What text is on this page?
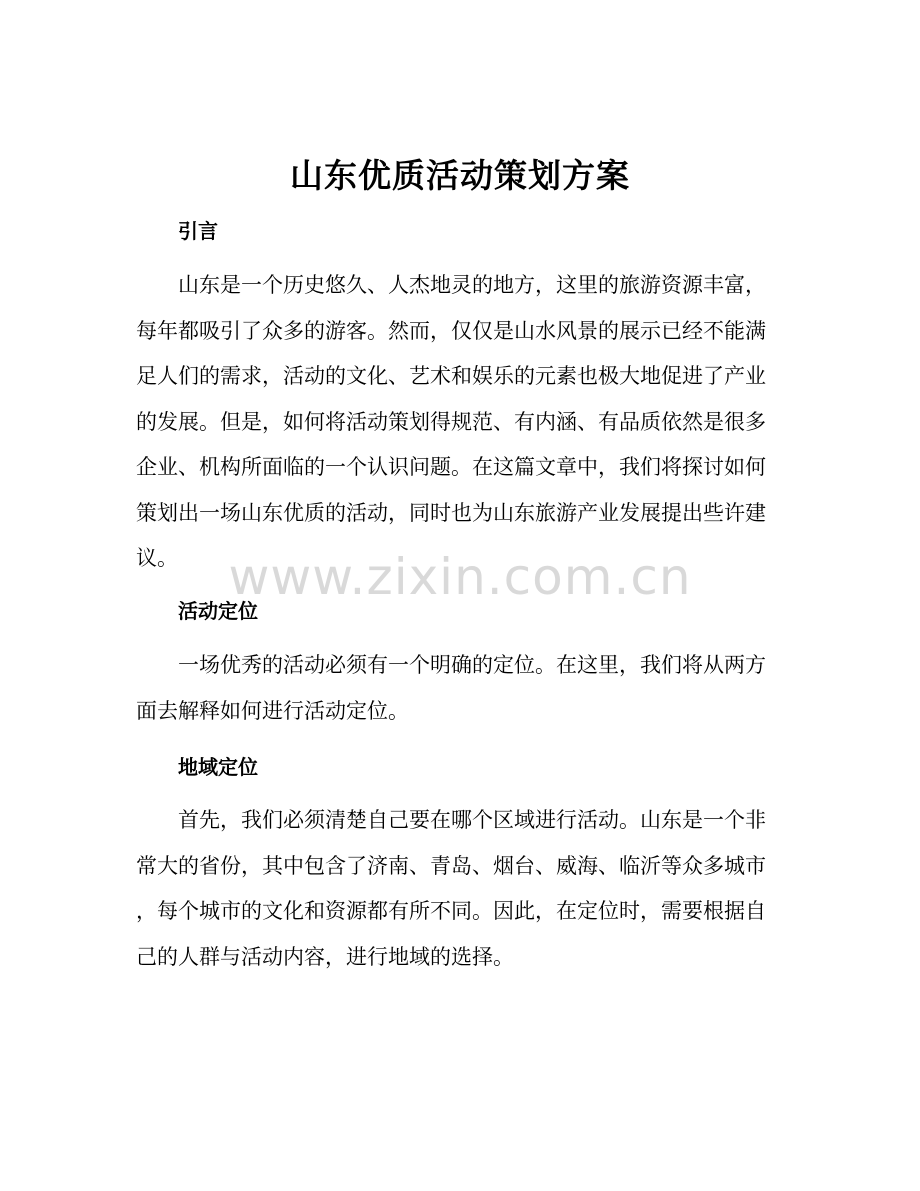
www.zixin.com.cn
山东优质活动策划方案
引言
山东是一个历史悠久、人杰地灵的地方，这里的旅游资源丰富，
每年都吸引了众多的游客。然而，仅仅是山水风景的展示已经不能满
足人们的需求，活动的文化、艺术和娱乐的元素也极大地促进了产业
的发展。但是，如何将活动策划得规范、有内涵、有品质依然是很多
企业、机构所面临的一个认识问题。在这篇文章中，我们将探讨如何
策划出一场山东优质的活动，同时也为山东旅游产业发展提出些许建
议。
活动定位
一场优秀的活动必须有一个明确的定位。在这里，我们将从两方
面去解释如何进行活动定位。
地域定位
首先，我们必须清楚自己要在哪个区域进行活动。山东是一个非
常大的省份，其中包含了济南、青岛、烟台、威海、临沂等众多城市
，每个城市的文化和资源都有所不同。因此，在定位时，需要根据自
己的人群与活动内容，进行地域的选择。
